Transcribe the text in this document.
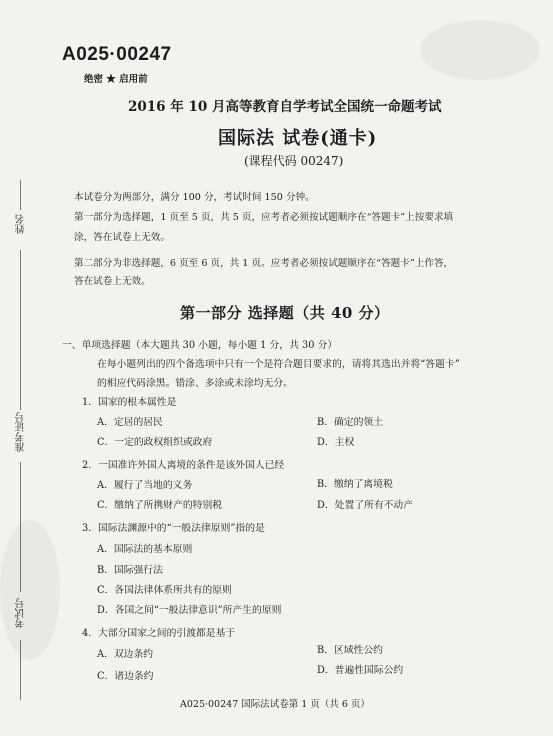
A025·00247
绝密 ★ 启用前
2016 年 10 月高等教育自学考试全国统一命题考试
国际法 试卷(通卡)
(课程代码 00247)
姓名
准考证号
考试号
本试卷分为两部分，满分 100 分，考试时间 150 分钟。
第一部分为选择题，1 页至 5 页，共 5 页，应考者必须按试题顺序在“答题卡”上按要求填
涂，答在试卷上无效。
第二部分为非选择题，6 页至 6 页，共 1 页。应考者必须按试题顺序在“答题卡”上作答，
答在试卷上无效。
第一部分 选择题（共 40 分）
一、单项选择题（本大题共 30 小题，每小题 1 分，共 30 分）
在每小题列出的四个备选项中只有一个是符合题目要求的，请将其选出并将“答题卡”
的相应代码涂黑。错涂、多涂或未涂均无分。
1．国家的根本属性是
A．定居的居民	B．确定的领土
C．一定的政权组织或政府	D．主权
2．一国准许外国人离境的条件是该外国人已经
A．履行了当地的义务	B．缴纳了离境税
C．缴纳了所携财产的特别税	D．处置了所有不动产
3．国际法渊源中的“一般法律原则”指的是
A．国际法的基本原则
B．国际强行法
C．各国法律体系所共有的原则
D．各国之间“一般法律意识”所产生的原则
4．大部分国家之间的引渡都是基于
A．双边条约	B．区域性公约
C．诸边条约
D．普遍性国际公约
A025·00247 国际法试卷第 1 页（共 6 页）
